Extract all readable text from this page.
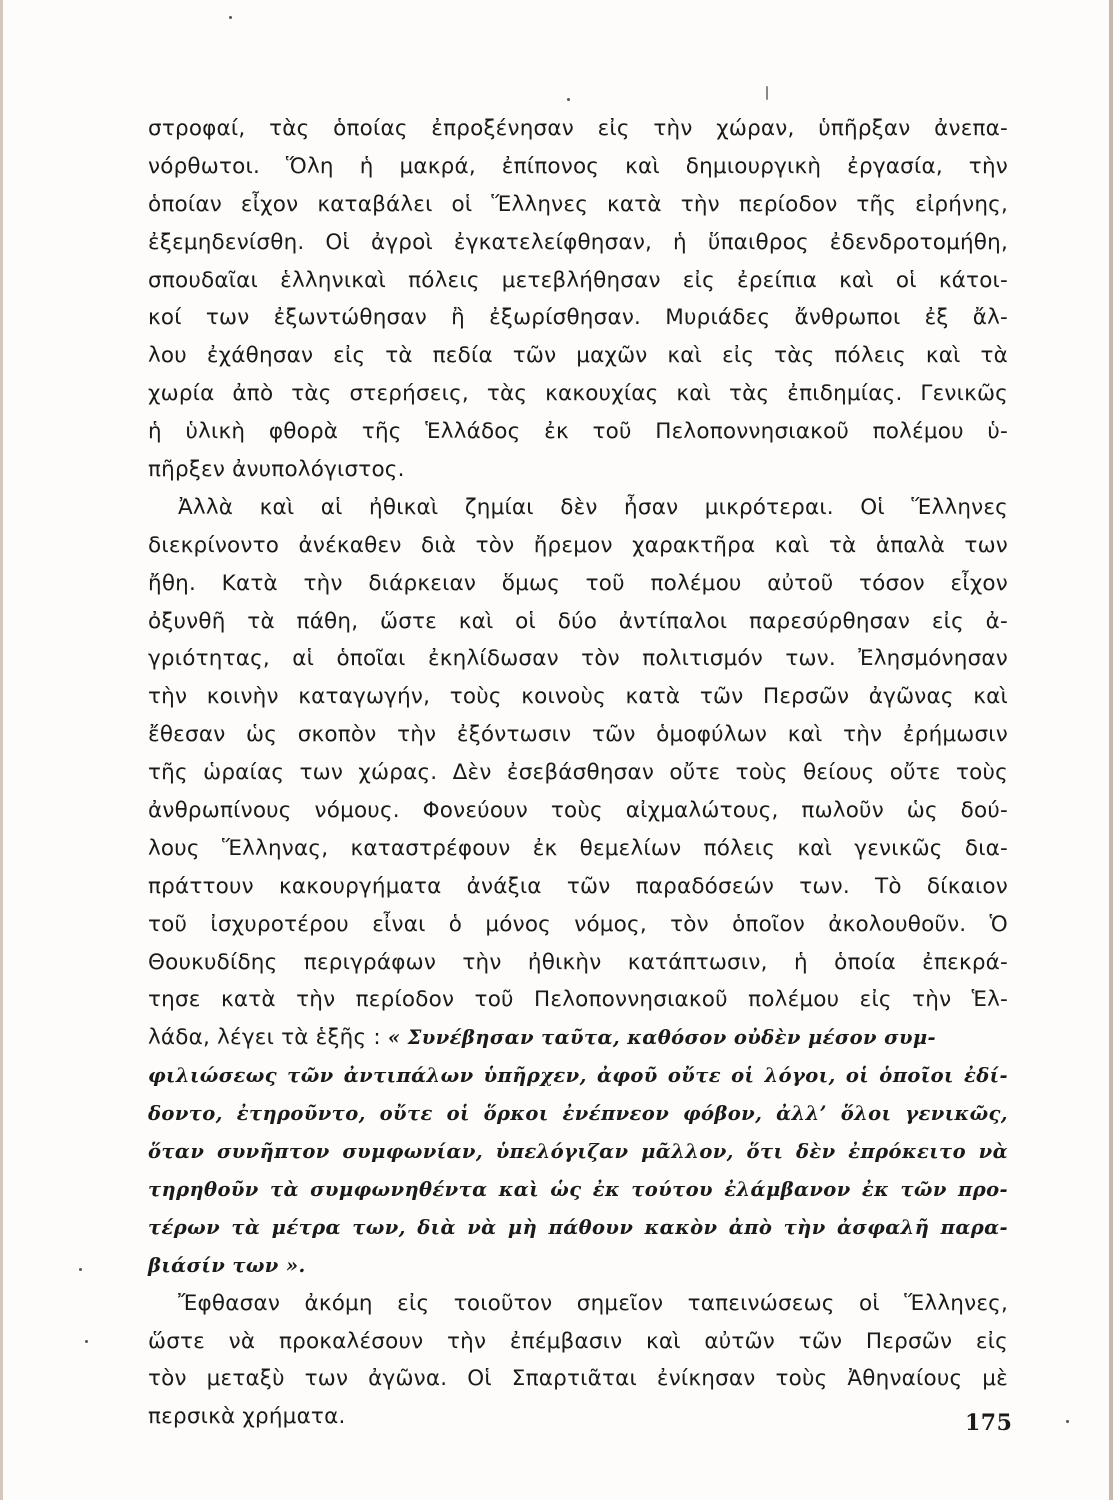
στροφαί, τὰς ὁποίας ἐπροξένησαν εἰς τὴν χώραν, ὑπῆρξαν ἀνεπα-
νόρθωτοι. Ὅλη ἡ μακρά, ἐπίπονος καὶ δημιουργικὴ ἐργασία, τὴν
ὁποίαν εἶχον καταβάλει οἱ Ἕλληνες κατὰ τὴν περίοδον τῆς εἰρήνης,
ἐξεμηδενίσθη. Οἱ ἀγροὶ ἐγκατελείφθησαν, ἡ ὕπαιθρος ἐδενδροτομήθη,
σπουδαῖαι ἑλληνικαὶ πόλεις μετεβλήθησαν εἰς ἐρείπια καὶ οἱ κάτοι-
κοί των ἐξωντώθησαν ἢ ἐξωρίσθησαν. Μυριάδες ἄνθρωποι ἐξ ἄλ-
λου ἐχάθησαν εἰς τὰ πεδία τῶν μαχῶν καὶ εἰς τὰς πόλεις καὶ τὰ
χωρία ἀπὸ τὰς στερήσεις, τὰς κακουχίας καὶ τὰς ἐπιδημίας. Γενικῶς
ἡ ὑλικὴ φθορὰ τῆς Ἑλλάδος ἐκ τοῦ Πελοποννησιακοῦ πολέμου ὑ-
πῆρξεν ἀνυπολόγιστος.
Ἀλλὰ καὶ αἱ ἠθικαὶ ζημίαι δὲν ἦσαν μικρότεραι. Οἱ Ἕλληνες
διεκρίνοντο ἀνέκαθεν διὰ τὸν ἤρεμον χαρακτῆρα καὶ τὰ ἁπαλὰ των
ἤθη. Κατὰ τὴν διάρκειαν ὅμως τοῦ πολέμου αὐτοῦ τόσον εἶχον
ὀξυνθῆ τὰ πάθη, ὥστε καὶ οἱ δύο ἀντίπαλοι παρεσύρθησαν εἰς ἀ-
γριότητας, αἱ ὁποῖαι ἐκηλίδωσαν τὸν πολιτισμόν των. Ἐλησμόνησαν
τὴν κοινὴν καταγωγήν, τοὺς κοινοὺς κατὰ τῶν Περσῶν ἀγῶνας καὶ
ἔθεσαν ὡς σκοπὸν τὴν ἐξόντωσιν τῶν ὁμοφύλων καὶ τὴν ἐρήμωσιν
τῆς ὡραίας των χώρας. Δὲν ἐσεβάσθησαν οὔτε τοὺς θείους οὔτε τοὺς
ἀνθρωπίνους νόμους. Φονεύουν τοὺς αἰχμαλώτους, πωλοῦν ὡς δού-
λους Ἕλληνας, καταστρέφουν ἐκ θεμελίων πόλεις καὶ γενικῶς δια-
πράττουν κακουργήματα ἀνάξια τῶν παραδόσεών των. Τὸ δίκαιον
τοῦ ἰσχυροτέρου εἶναι ὁ μόνος νόμος, τὸν ὁποῖον ἀκολουθοῦν. Ὁ
Θουκυδίδης περιγράφων τὴν ἠθικὴν κατάπτωσιν, ἡ ὁποία ἐπεκρά-
τησε κατὰ τὴν περίοδον τοῦ Πελοποννησιακοῦ πολέμου εἰς τὴν Ἑλ-
λάδα, λέγει τὰ ἑξῆς : « Συνέβησαν ταῦτα, καθόσον οὐδὲν μέσον συμ-
φιλιώσεως τῶν ἀντιπάλων ὑπῆρχεν, ἀφοῦ οὔτε οἱ λόγοι, οἱ ὁποῖοι ἐδί-
δοντο, ἐτηροῦντο, οὔτε οἱ ὅρκοι ἐνέπνεον φόβον, ἀλλ’ ὅλοι γενικῶς,
ὅταν συνῆπτον συμφωνίαν, ὑπελόγιζαν μᾶλλον, ὅτι δὲν ἐπρόκειτο νὰ
τηρηθοῦν τὰ συμφωνηθέντα καὶ ὡς ἐκ τούτου ἐλάμβανον ἐκ τῶν προ-
τέρων τὰ μέτρα των, διὰ νὰ μὴ πάθουν κακὸν ἀπὸ τὴν ἀσφαλῆ παρα-
βιάσίν των ».
Ἔφθασαν ἀκόμη εἰς τοιοῦτον σημεῖον ταπεινώσεως οἱ Ἕλληνες,
ὥστε νὰ προκαλέσουν τὴν ἐπέμβασιν καὶ αὐτῶν τῶν Περσῶν εἰς
τὸν μεταξὺ των ἀγῶνα. Οἱ Σπαρτιᾶται ἐνίκησαν τοὺς Ἀθηναίους μὲ
περσικὰ χρήματα.	175
